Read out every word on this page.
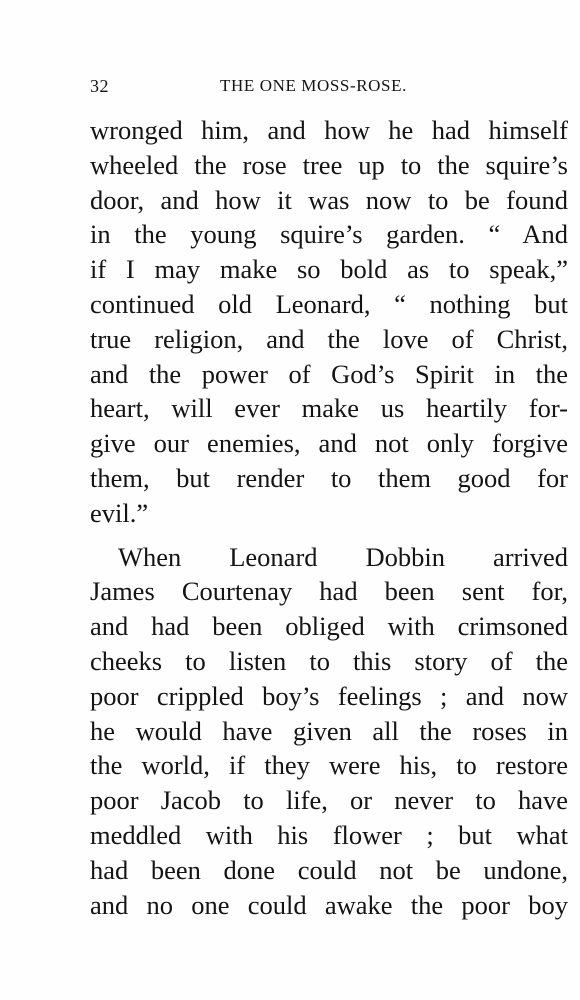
32	THE ONE MOSS-ROSE.
wronged him, and how he had himself
wheeled the rose tree up to the squire’s
door, and how it was now to be found
in the young squire’s garden. “ And
if I may make so bold as to speak,”
continued old Leonard, “ nothing but
true religion, and the love of Christ,
and the power of God’s Spirit in the
heart, will ever make us heartily for-
give our enemies, and not only forgive
them, but render to them good for
evil.”
When Leonard Dobbin arrived
James Courtenay had been sent for,
and had been obliged with crimsoned
cheeks to listen to this story of the
poor crippled boy’s feelings ; and now
he would have given all the roses in
the world, if they were his, to restore
poor Jacob to life, or never to have
meddled with his flower ; but what
had been done could not be undone,
and no one could awake the poor boy
